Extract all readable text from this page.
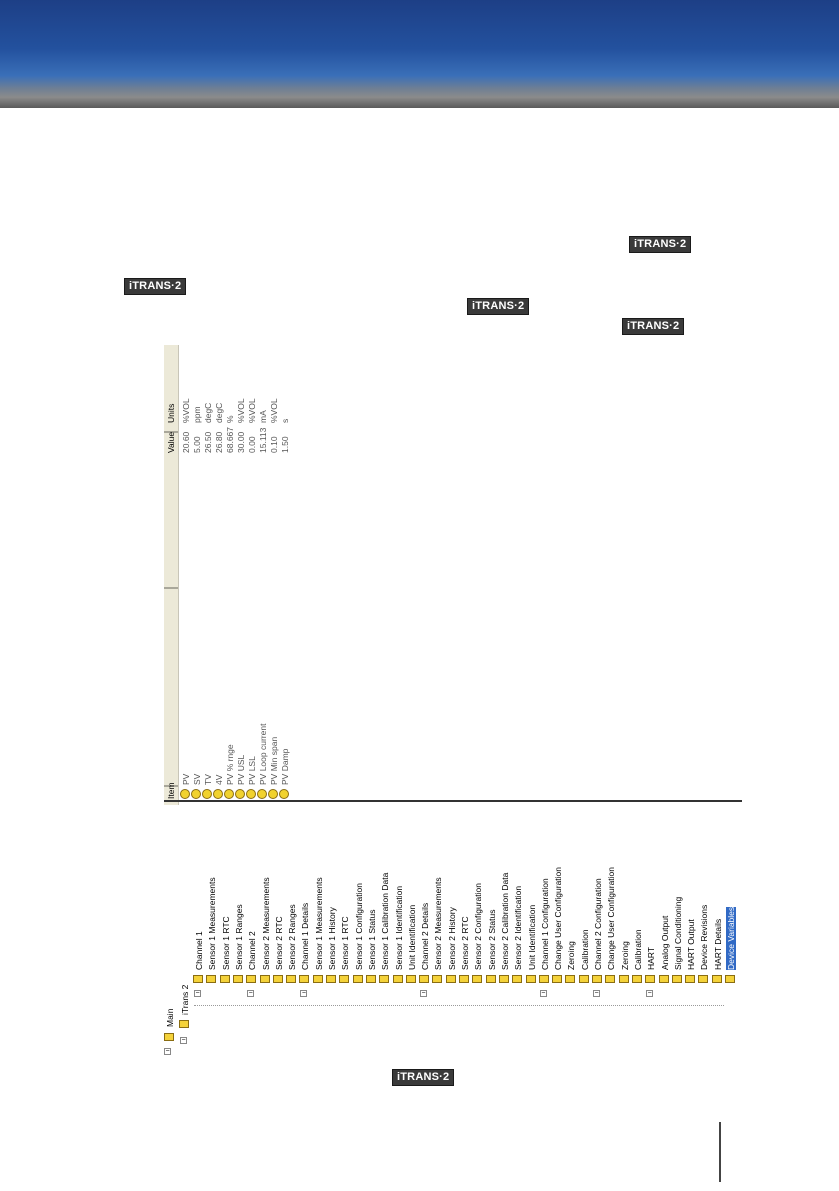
iTRANS·2
iTRANS·2
iTRANS·2
iTRANS·2
iTRANS·2
Item
Units
Value
PV
20.60
%VOL
SV
5.00
ppm
TV
26.50
degC
4V
26.80
degC
PV % rnge
68.667
%
PV USL
30.00
%VOL
PV LSL
0.00
%VOL
PV Loop current
15.113
mA
PV Min span
0.10
%VOL
PV Damp
1.50
s
−
Main
−
iTrans 2 −
Channel 1 Sensor 1 Measurements Sensor 1 RTC Sensor 1 Ranges
−
Channel 2 Sensor 2 Measurements Sensor 2 RTC Sensor 2 Ranges
−
Channel 1 Details Sensor 1 Measurements Sensor 1 History Sensor 1 RTC Sensor 1 Configuration Sensor 1 Status Sensor 1 Calibration Data Sensor 1 Identification Unit Identification
−
Channel 2 Details Sensor 2 Measurements Sensor 2 History Sensor 2 RTC Sensor 2 Configuration Sensor 2 Status Sensor 2 Calibration Data Sensor 2 Identification Unit Identification
−
Channel 1 Configuration Change User Configuration Zeroing Calibration
−
Channel 2 Configuration Change User Configuration Zeroing Calibration
−
HART Analog Output Signal Conditioning HART Output Device Revisions HART Details Device Variables
